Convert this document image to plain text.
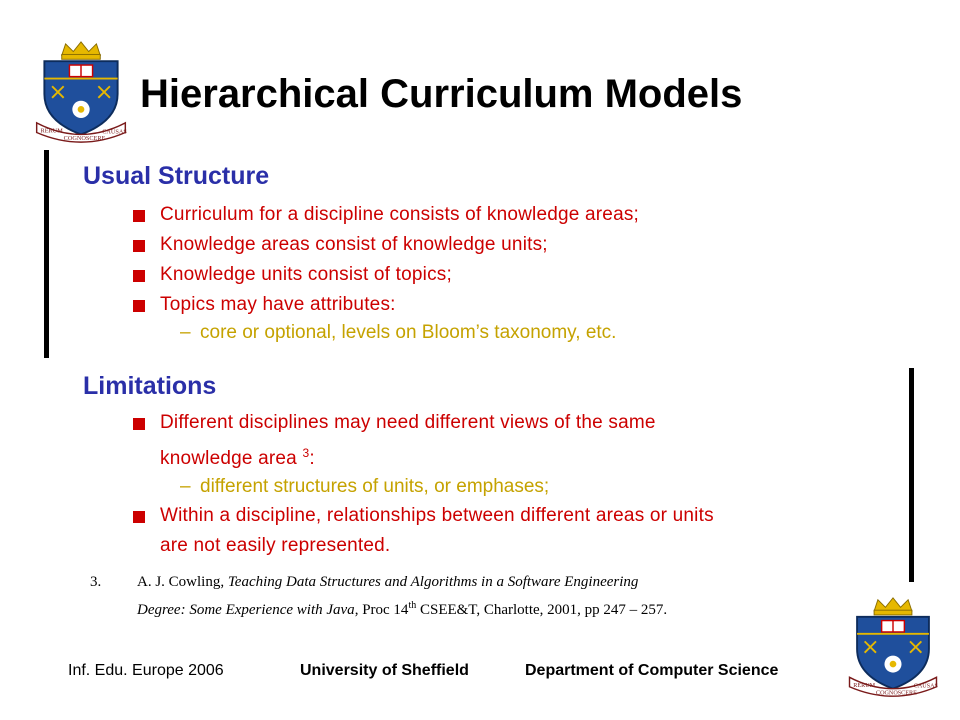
RERUM
COGNOSCERE
CAUSAS
Hierarchical Curriculum Models
Usual Structure
Curriculum for a discipline consists of knowledge areas;
Knowledge areas consist of knowledge units;
Knowledge units consist of topics;
Topics may have attributes:
– core or optional, levels on Bloom’s taxonomy, etc.
Limitations
Different disciplines may need different views of the same
knowledge area $^3$:
– different structures of units, or emphases;
Within a discipline, relationships between different areas or units
are not easily represented.
3.	A. J. Cowling, Teaching Data Structures and Algorithms in a Software Engineering
Degree: Some Experience with Java, Proc 14th CSEE&T, Charlotte, 2001, pp 247 – 257.
RERUM
COGNOSCERE
CAUSAS
Inf. Edu. Europe 2006	University of Sheffield	Department of Computer Science
